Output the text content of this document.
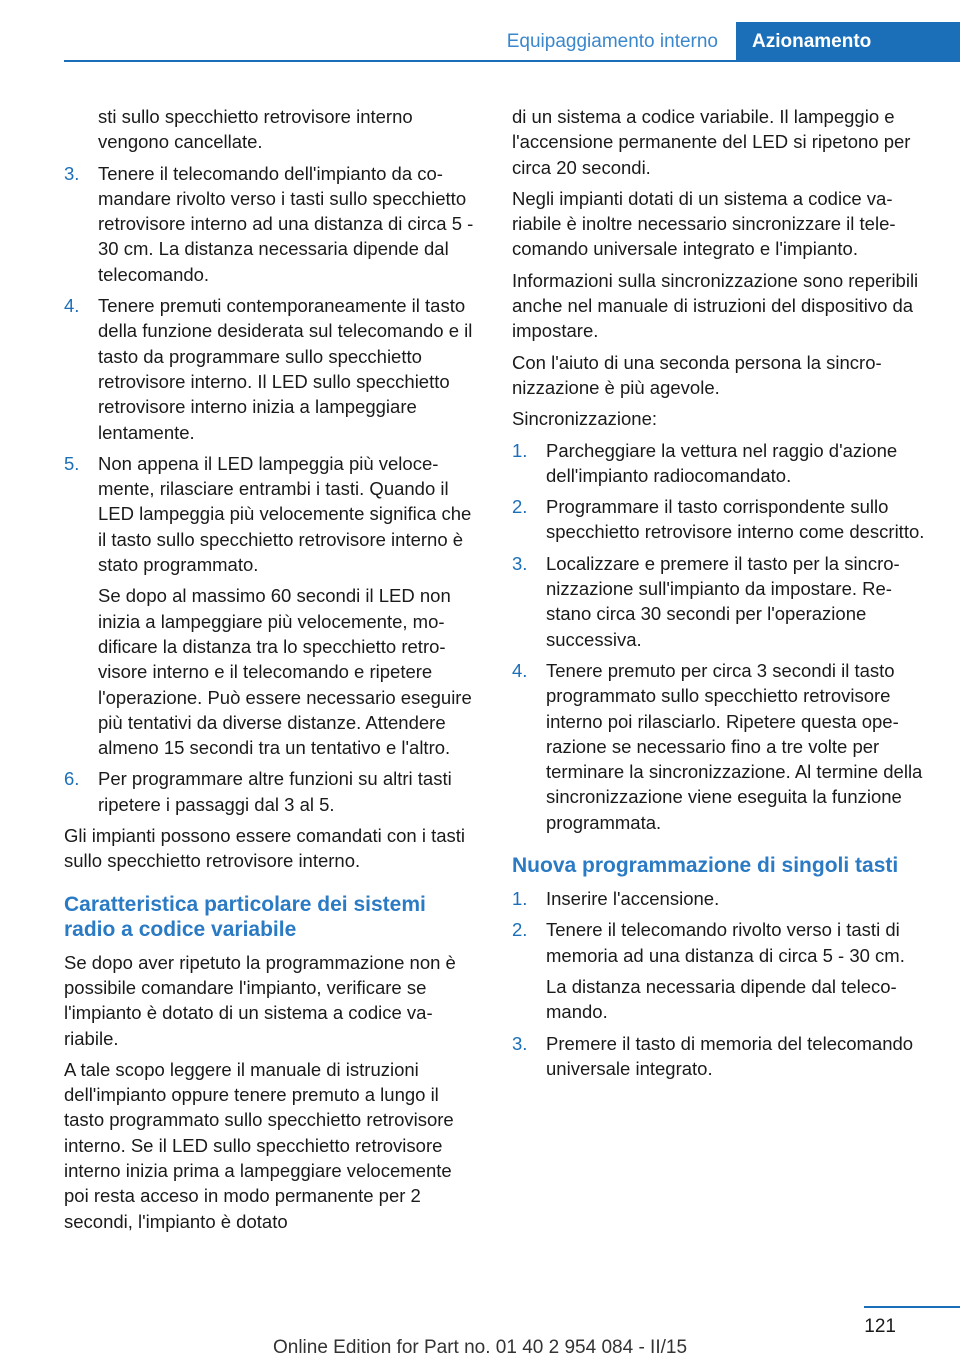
Equipaggiamento interno	Azionamento

sti sullo specchietto retrovisore interno vengono cancellate.

3. Tenere il telecomando dell'impianto da comandare rivolto verso i tasti sullo specchietto retrovisore interno ad una distanza di circa 5 - 30 cm. La distanza necessaria dipende dal telecomando.
4. Tenere premuti contemporaneamente il tasto della funzione desiderata sul telecomando e il tasto da programmare sullo specchietto retrovisore interno. Il LED sullo specchietto retrovisore interno inizia a lampeggiare lentamente.
5. Non appena il LED lampeggia più velocemente, rilasciare entrambi i tasti. Quando il LED lampeggia più velocemente significa che il tasto sullo specchietto retrovisore interno è stato programmato.
Se dopo al massimo 60 secondi il LED non inizia a lampeggiare più velocemente, modificare la distanza tra lo specchietto retrovisore interno e il telecomando e ripetere l'operazione. Può essere necessario eseguire più tentativi da diverse distanze. Attendere almeno 15 secondi tra un tentativo e l'altro.
6. Per programmare altre funzioni su altri tasti ripetere i passaggi dal 3 al 5.

Gli impianti possono essere comandati con i tasti sullo specchietto retrovisore interno.

Caratteristica particolare dei sistemi radio a codice variabile

Se dopo aver ripetuto la programmazione non è possibile comandare l'impianto, verificare se l'impianto è dotato di un sistema a codice variabile.

A tale scopo leggere il manuale di istruzioni dell'impianto oppure tenere premuto a lungo il tasto programmato sullo specchietto retrovisore interno. Se il LED sullo specchietto retrovisore interno inizia prima a lampeggiare velocemente poi resta acceso in modo permanente per 2 secondi, l'impianto è dotato

di un sistema a codice variabile. Il lampeggio e l'accensione permanente del LED si ripetono per circa 20 secondi.

Negli impianti dotati di un sistema a codice variabile è inoltre necessario sincronizzare il telecomando universale integrato e l'impianto.

Informazioni sulla sincronizzazione sono reperibili anche nel manuale di istruzioni del dispositivo da impostare.

Con l'aiuto di una seconda persona la sincronizzazione è più agevole.

Sincronizzazione:

1. Parcheggiare la vettura nel raggio d'azione dell'impianto radiocomandato.
2. Programmare il tasto corrispondente sullo specchietto retrovisore interno come descritto.
3. Localizzare e premere il tasto per la sincronizzazione sull'impianto da impostare. Restano circa 30 secondi per l'operazione successiva.
4. Tenere premuto per circa 3 secondi il tasto programmato sullo specchietto retrovisore interno poi rilasciarlo. Ripetere questa operazione se necessario fino a tre volte per terminare la sincronizzazione. Al termine della sincronizzazione viene eseguita la funzione programmata.
Nuova programmazione di singoli tasti
1. Inserire l'accensione.
2. Tenere il telecomando rivolto verso i tasti di memoria ad una distanza di circa 5 - 30 cm.
La distanza necessaria dipende dal telecomando.
3. Premere il tasto di memoria del telecomando universale integrato.
121
Online Edition for Part no. 01 40 2 954 084 - II/15
